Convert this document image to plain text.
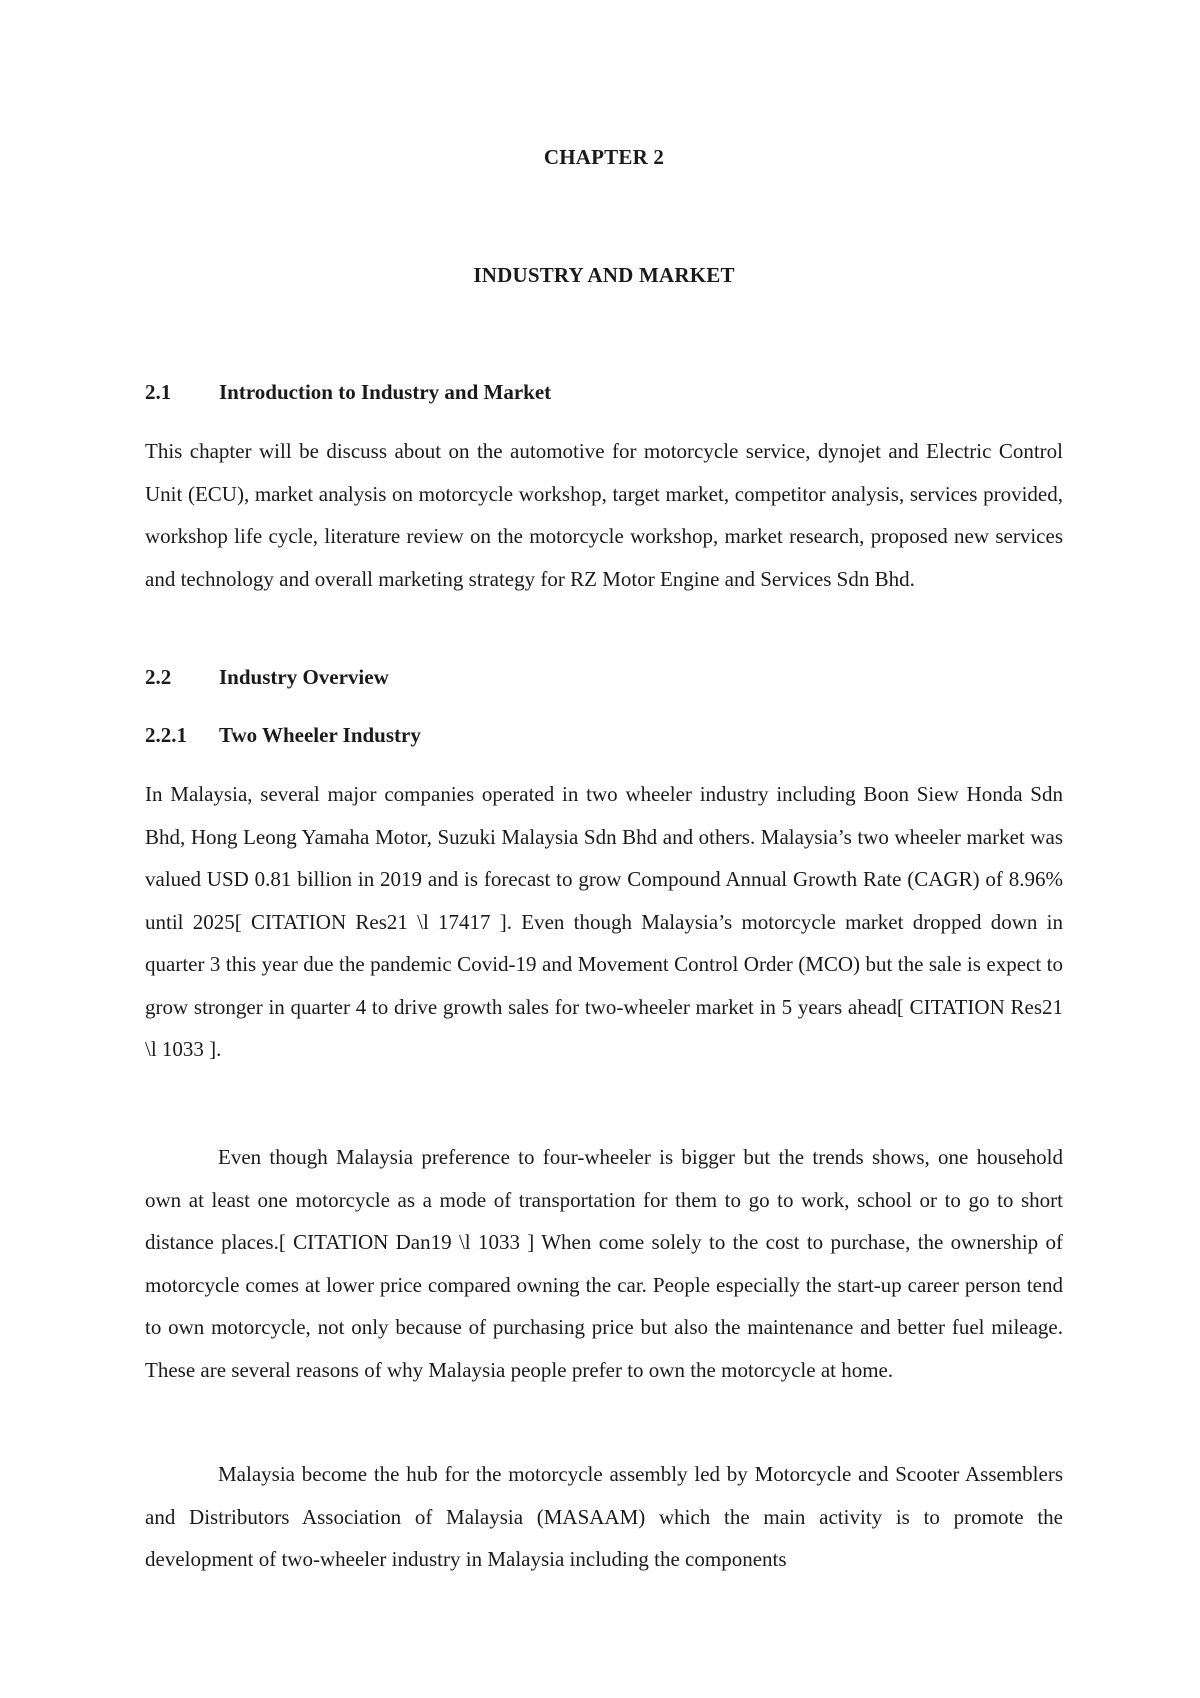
CHAPTER 2
INDUSTRY AND MARKET
2.1	Introduction to Industry and Market

This chapter will be discuss about on the automotive for motorcycle service, dynojet and Electric Control Unit (ECU), market analysis on motorcycle workshop, target market, competitor analysis, services provided, workshop life cycle, literature review on the motorcycle workshop, market research, proposed new services and technology and overall marketing strategy for RZ Motor Engine and Services Sdn Bhd.

2.2	Industry Overview
2.2.1	Two Wheeler Industry

In Malaysia, several major companies operated in two wheeler industry including Boon Siew Honda Sdn Bhd, Hong Leong Yamaha Motor, Suzuki Malaysia Sdn Bhd and others. Malaysia’s two wheeler market was valued USD 0.81 billion in 2019 and is forecast to grow Compound Annual Growth Rate (CAGR) of 8.96% until 2025[ CITATION Res21 \l 17417 ]. Even though Malaysia’s motorcycle market dropped down in quarter 3 this year due the pandemic Covid-19 and Movement Control Order (MCO) but the sale is expect to grow stronger in quarter 4 to drive growth sales for two-wheeler market in 5 years ahead[ CITATION Res21 \l 1033 ].

Even though Malaysia preference to four-wheeler is bigger but the trends shows, one household own at least one motorcycle as a mode of transportation for them to go to work, school or to go to short distance places.[ CITATION Dan19 \l 1033 ] When come solely to the cost to purchase, the ownership of motorcycle comes at lower price compared owning the car. People especially the start-up career person tend to own motorcycle, not only because of purchasing price but also the maintenance and better fuel mileage. These are several reasons of why Malaysia people prefer to own the motorcycle at home.

Malaysia become the hub for the motorcycle assembly led by Motorcycle and Scooter Assemblers and Distributors Association of Malaysia (MASAAM) which the main activity is to promote the development of two-wheeler industry in Malaysia including the components
